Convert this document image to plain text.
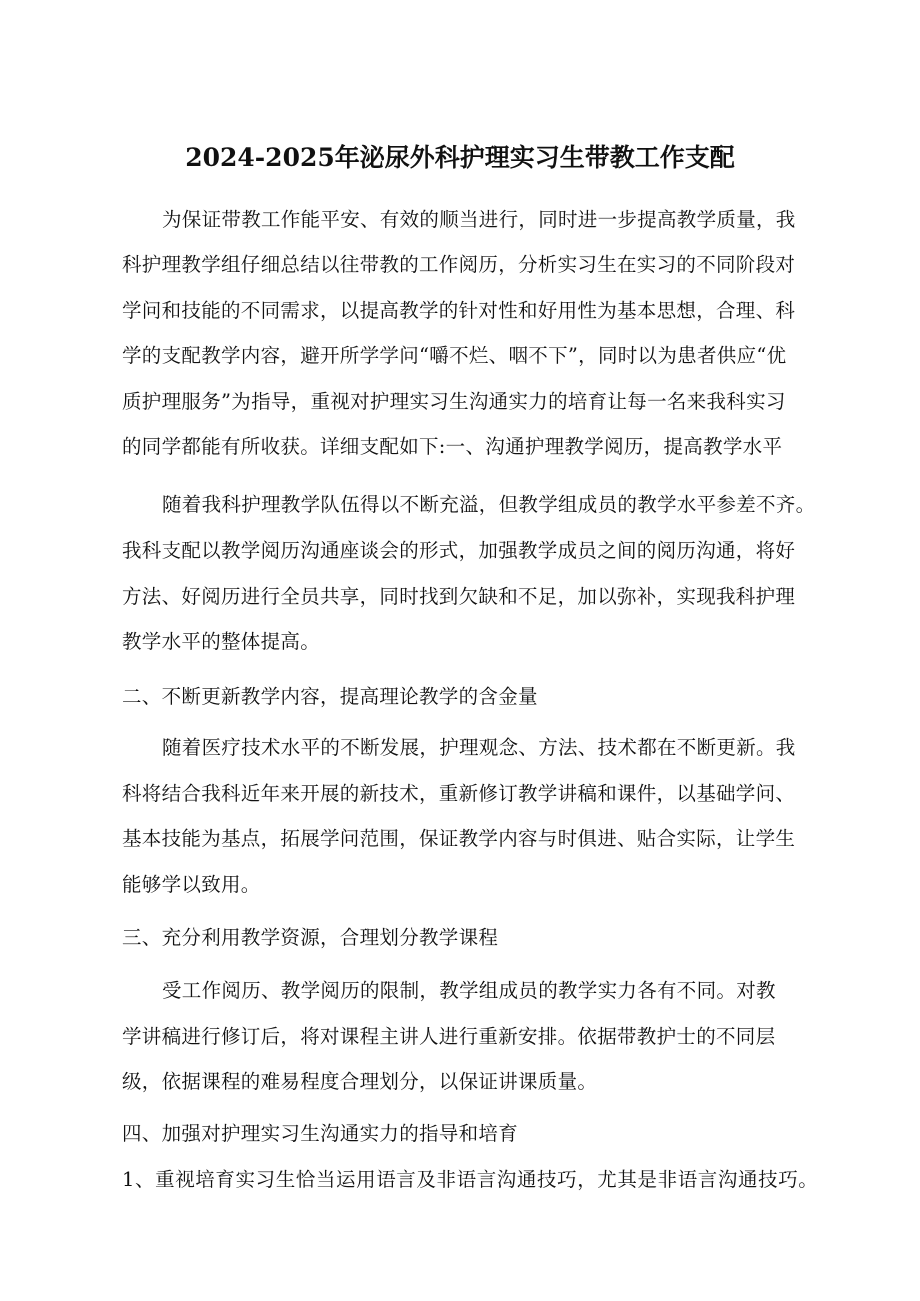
2024-2025年泌尿外科护理实习生带教工作支配
为保证带教工作能平安、有效的顺当进行，同时进一步提高教学质量，我
科护理教学组仔细总结以往带教的工作阅历，分析实习生在实习的不同阶段对
学问和技能的不同需求，以提高教学的针对性和好用性为基本思想，合理、科
学的支配教学内容，避开所学学问“嚼不烂、咽不下”，同时以为患者供应“优
质护理服务”为指导，重视对护理实习生沟通实力的培育让每一名来我科实习
的同学都能有所收获。详细支配如下:一、沟通护理教学阅历，提高教学水平
随着我科护理教学队伍得以不断充溢，但教学组成员的教学水平参差不齐。
我科支配以教学阅历沟通座谈会的形式，加强教学成员之间的阅历沟通，将好
方法、好阅历进行全员共享，同时找到欠缺和不足，加以弥补，实现我科护理
教学水平的整体提高。
二、不断更新教学内容，提高理论教学的含金量
随着医疗技术水平的不断发展，护理观念、方法、技术都在不断更新。我
科将结合我科近年来开展的新技术，重新修订教学讲稿和课件，以基础学问、
基本技能为基点，拓展学问范围，保证教学内容与时俱进、贴合实际，让学生
能够学以致用。
三、充分利用教学资源，合理划分教学课程
受工作阅历、教学阅历的限制，教学组成员的教学实力各有不同。对教
学讲稿进行修订后，将对课程主讲人进行重新安排。依据带教护士的不同层
级，依据课程的难易程度合理划分，以保证讲课质量。
四、加强对护理实习生沟通实力的指导和培育
1、重视培育实习生恰当运用语言及非语言沟通技巧，尤其是非语言沟通技巧。
